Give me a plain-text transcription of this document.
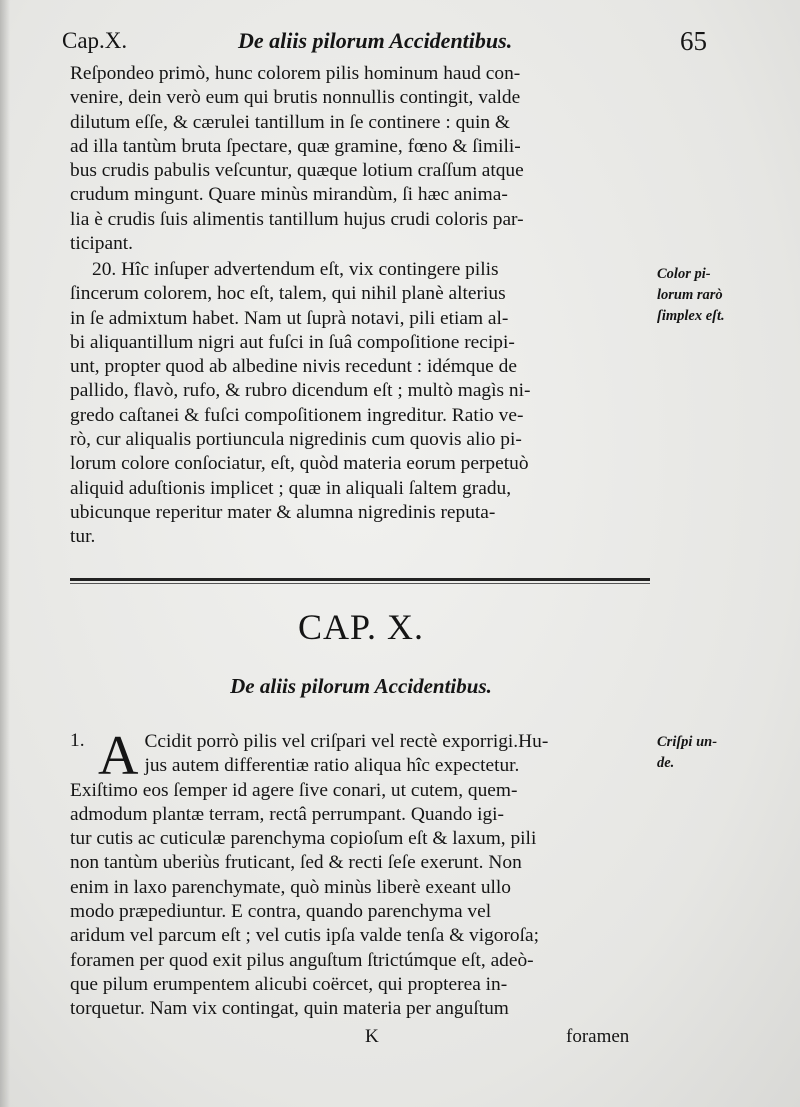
Cap.X.	De aliis pilorum Accidentibus.	65

Reſpondeo primò, hunc colorem pilis hominum haud con-

venire, dein verò eum qui brutis nonnullis contingit, valde

dilutum eſſe, & cærulei tantillum in ſe continere : quin &

ad illa tantùm bruta ſpectare, quæ gramine, fœno & ſimili-

bus crudis pabulis veſcuntur, quæque lotium craſſum atque

crudum mingunt. Quare minùs mirandùm, ſi hæc anima-

lia è crudis ſuis alimentis tantillum hujus crudi coloris par-

ticipant.

20. Hîc inſuper advertendum eſt, vix contingere pilis

ſincerum colorem, hoc eſt, talem, qui nihil planè alterius

in ſe admixtum habet. Nam ut ſuprà notavi, pili etiam al-

bi aliquantillum nigri aut fuſci in ſuâ compoſitione recipi-

unt, propter quod ab albedine nivis recedunt : idémque de

pallido, flavò, rufo, & rubro dicendum eſt ; multò magìs ni-

gredo caſtanei & fuſci compoſitionem ingreditur. Ratio ve-

rò, cur aliqualis portiuncula nigredinis cum quovis alio pi-

lorum colore conſociatur, eſt, quòd materia eorum perpetuò

aliquid aduſtionis implicet ; quæ in aliquali ſaltem gradu,

ubicunque reperitur mater & alumna nigredinis reputa-

tur.

Color pi-
lorum rarò
ſimplex eſt.
CAP. X.
De aliis pilorum Accidentibus.
1. A Ccidit porrò pilis vel criſpari vel rectè exporrigi.Hu-

jus autem differentiæ ratio aliqua hîc expectetur.

Exiſtimo eos ſemper id agere ſive conari, ut cutem, quem-

admodum plantæ terram, rectâ perrumpant. Quando igi-

tur cutis ac cuticulæ parenchyma copioſum eſt & laxum, pili

non tantùm uberiùs fruticant, ſed & recti ſeſe exerunt. Non

enim in laxo parenchymate, quò minùs liberè exeant ullo

modo præpediuntur. E contra, quando parenchyma vel

aridum vel parcum eſt ; vel cutis ipſa valde tenſa & vigoroſa;

foramen per quod exit pilus anguſtum ſtrictúmque eſt, adeò-

que pilum erumpentem alicubi coërcet, qui propterea in-

torquetur. Nam vix contingat, quin materia per anguſtum

Criſpi un-
de.
K	foramen
